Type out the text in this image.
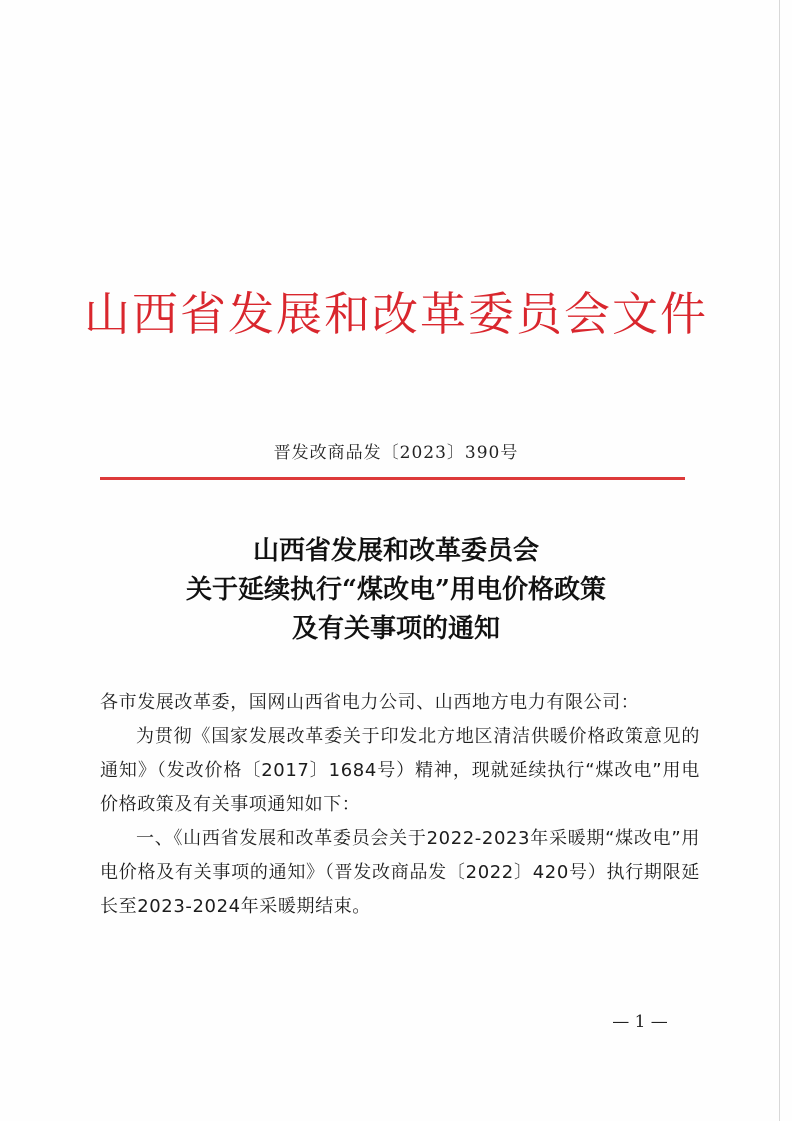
山西省发展和改革委员会文件
晋发改商品发〔2023〕390号
山西省发展和改革委员会
关于延续执行“煤改电”用电价格政策
及有关事项的通知

各市发展改革委，国网山西省电力公司、山西地方电力有限公司：

为贯彻《国家发展改革委关于印发北方地区清洁供暖价格政策意见的通知》（发改价格〔2017〕1684号）精神，现就延续执行“煤改电”用电价格政策及有关事项通知如下：

一、《山西省发展和改革委员会关于2022-2023年采暖期“煤改电”用电价格及有关事项的通知》（晋发改商品发〔2022〕420号）执行期限延长至2023-2024年采暖期结束。

— 1 —
